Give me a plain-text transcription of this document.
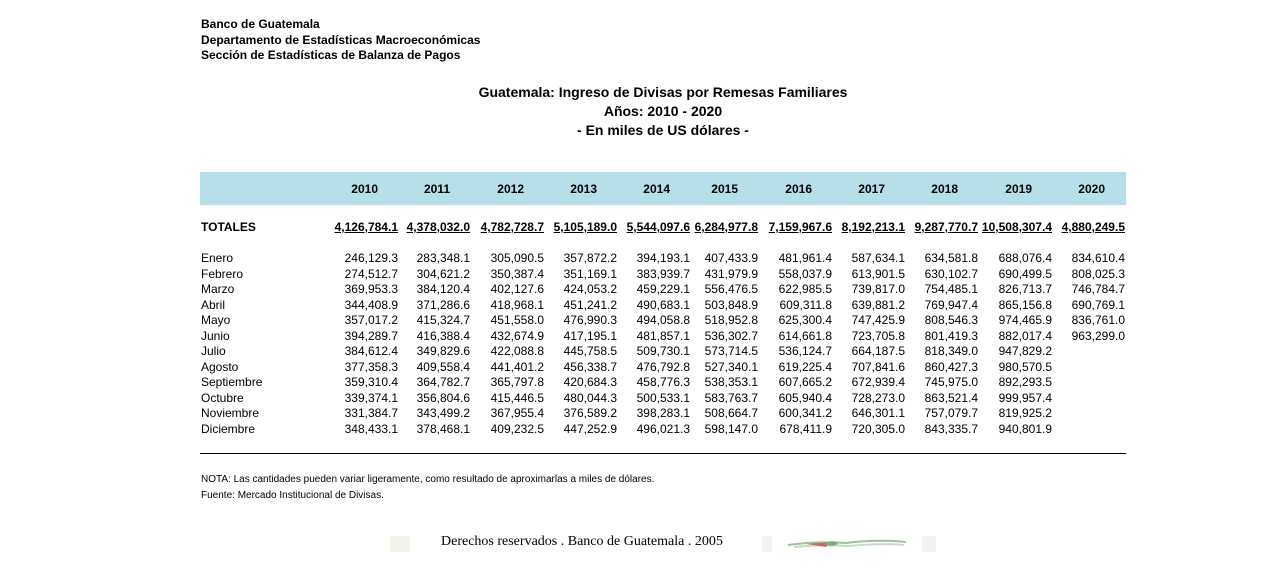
Banco de Guatemala
Departamento de Estadísticas Macroeconómicas
Sección de Estadísticas de Balanza de Pagos
Guatemala: Ingreso de Divisas por Remesas Familiares
Años: 2010 - 2020
- En miles de US dólares -
2010	2011	2012	2013	2014	2015	2016	2017	2018	2019	2020
TOTALES	4,126,784.1 4,378,032.0 4,782,728.7 5,105,189.0 5,544,097.6 6,284,977.8 7,159,967.6 8,192,213.1 9,287,770.7 10,508,307.4 4,880,249.5
Enero	246,129.3	283,348.1	305,090.5	357,872.2	394,193.1	407,433.9	481,961.4	587,634.1	634,581.8	688,076.4	834,610.4
Febrero	274,512.7	304,621.2	350,387.4	351,169.1	383,939.7	431,979.9	558,037.9	613,901.5	630,102.7	690,499.5	808,025.3
Marzo	369,953.3	384,120.4	402,127.6	424,053.2	459,229.1	556,476.5	622,985.5	739,817.0	754,485.1	826,713.7	746,784.7
Abril	344,408.9	371,286.6	418,968.1	451,241.2	490,683.1	503,848.9	609,311.8	639,881.2	769,947.4	865,156.8	690,769.1
Mayo	357,017.2	415,324.7	451,558.0	476,990.3	494,058.8	518,952.8	625,300.4	747,425.9	808,546.3	974,465.9	836,761.0
Junio	394,289.7	416,388.4	432,674.9	417,195.1	481,857.1	536,302.7	614,661.8	723,705.8	801,419.3	882,017.4	963,299.0
Julio	384,612.4	349,829.6	422,088.8	445,758.5	509,730.1	573,714.5	536,124.7	664,187.5	818,349.0	947,829.2
Agosto	377,358.3	409,558.4	441,401.2	456,338.7	476,792.8	527,340.1	619,225.4	707,841.6	860,427.3	980,570.5
Septiembre	359,310.4	364,782.7	365,797.8	420,684.3	458,776.3	538,353.1	607,665.2	672,939.4	745,975.0	892,293.5
Octubre	339,374.1	356,804.6	415,446.5	480,044.3	500,533.1	583,763.7	605,940.4	728,273.0	863,521.4	999,957.4
Noviembre	331,384.7	343,499.2	367,955.4	376,589.2	398,283.1	508,664.7	600,341.2	646,301.1	757,079.7	819,925.2
Diciembre	348,433.1	378,468.1	409,232.5	447,252.9	496,021.3	598,147.0	678,411.9	720,305.0	843,335.7	940,801.9
NOTA: Las cantidades pueden variar ligeramente, como resultado de aproximarlas a miles de dólares.
Fuente: Mercado Institucional de Divisas.
Derechos reservados . Banco de Guatemala . 2005
